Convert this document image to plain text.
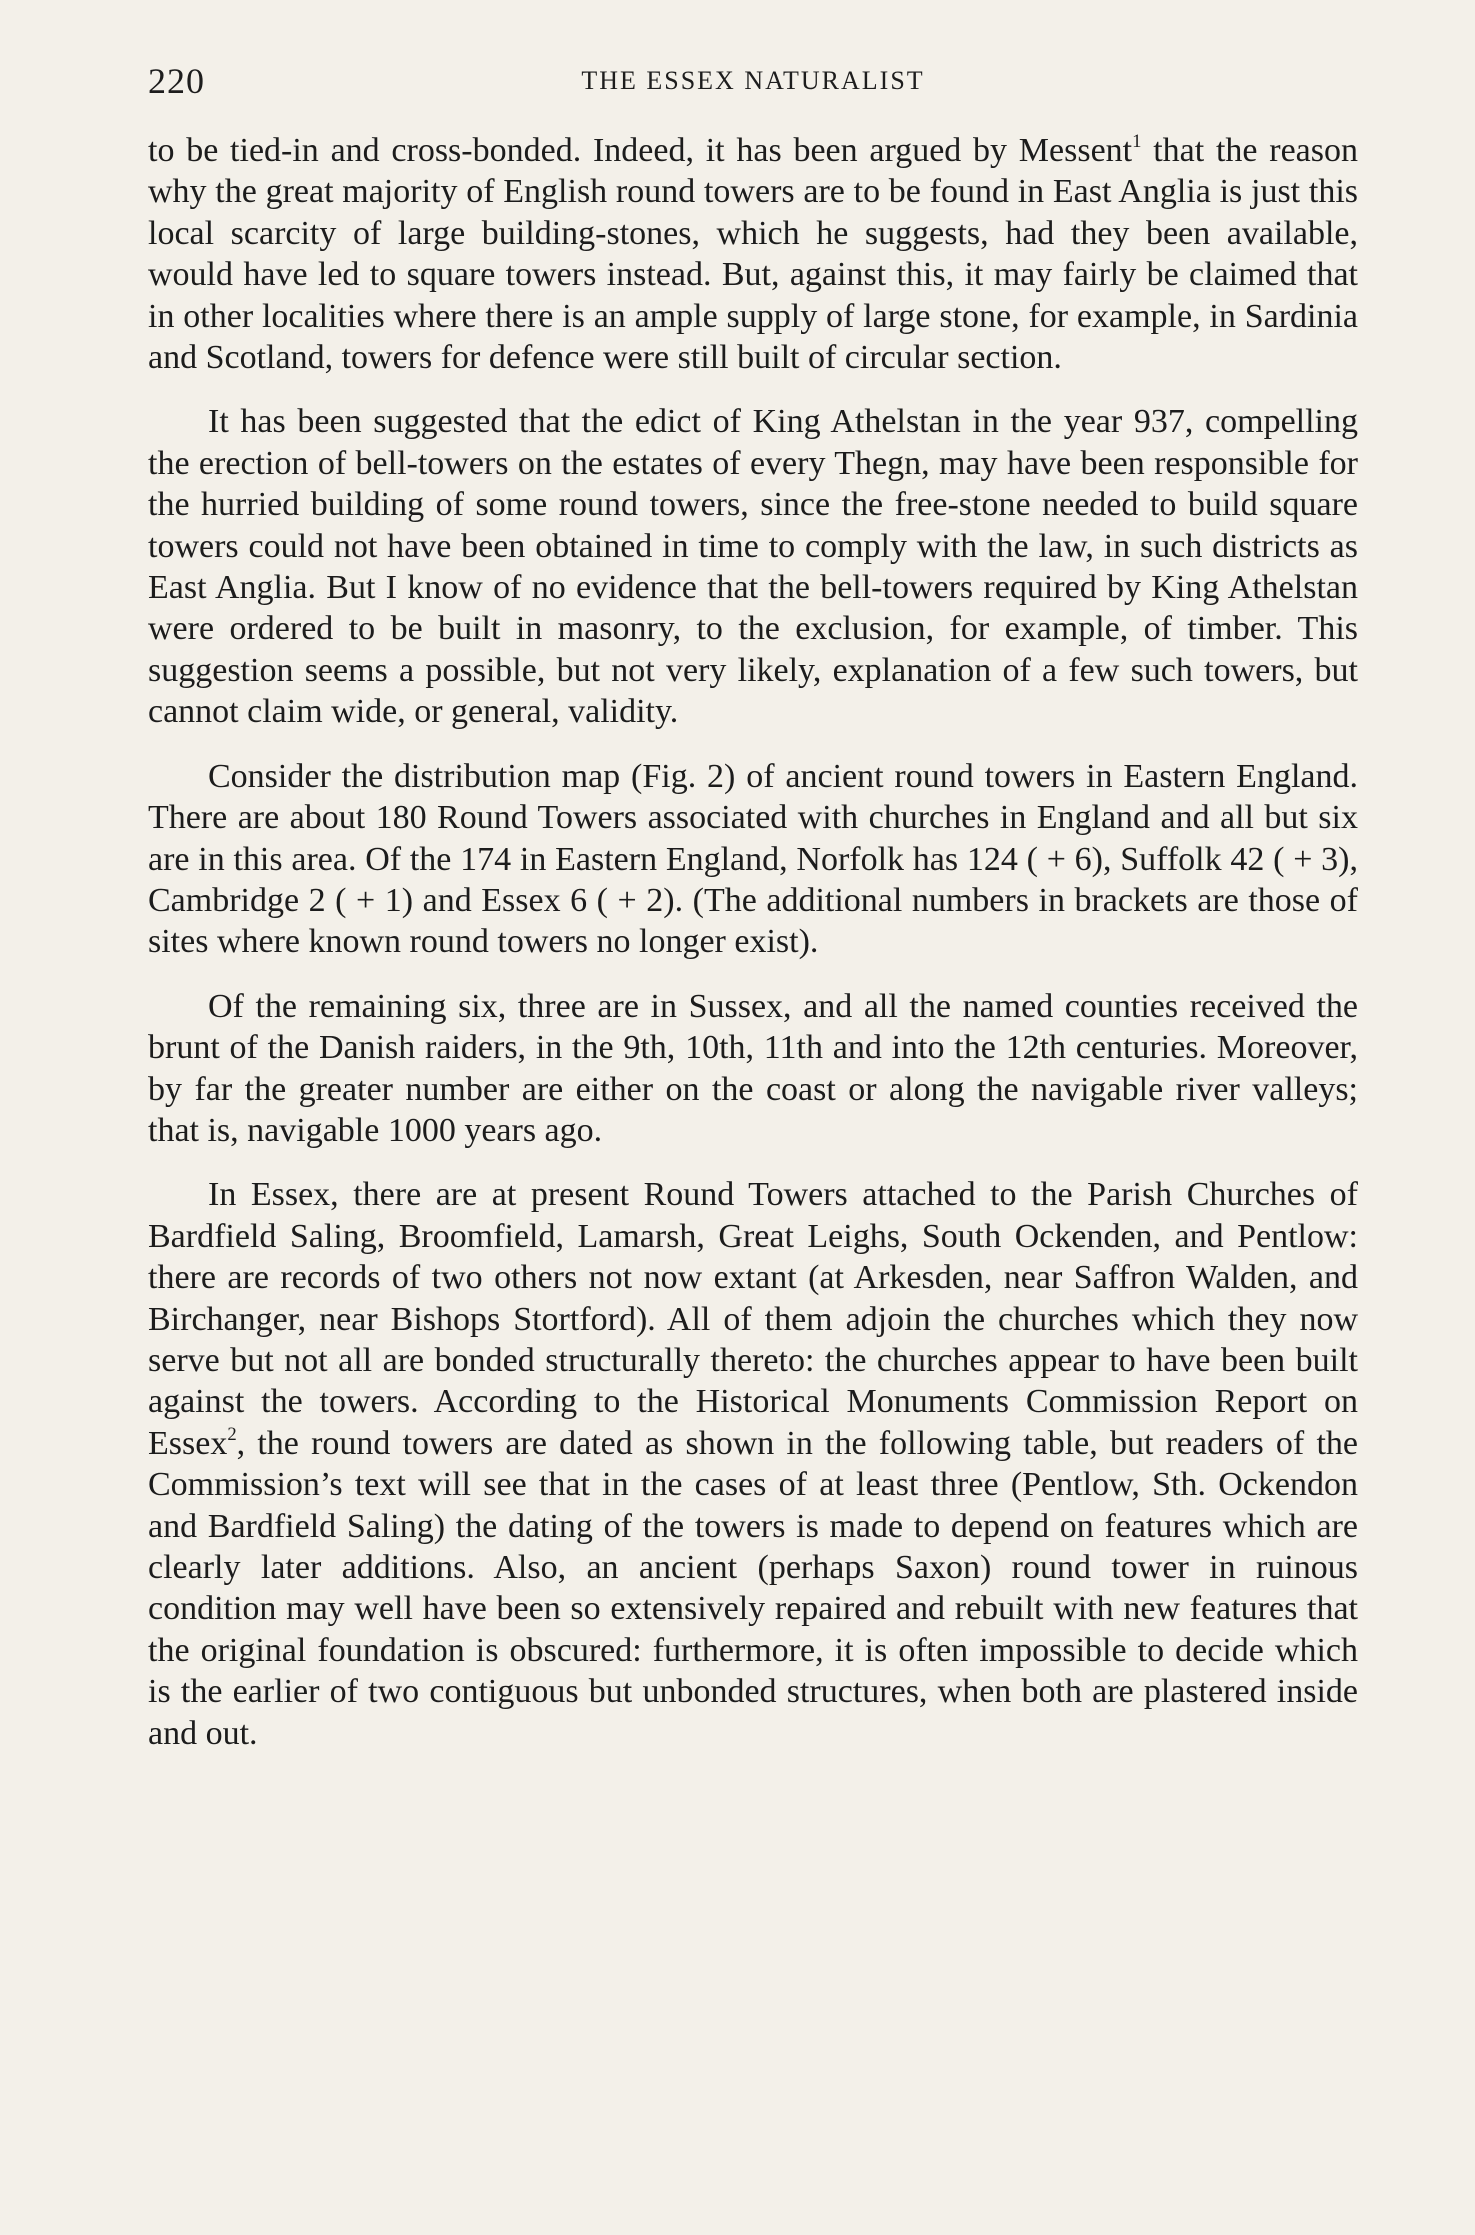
220	THE ESSEX NATURALIST

to be tied-in and cross-bonded. Indeed, it has been argued by Messent$^1$ that the reason why the great majority of English round towers are to be found in East Anglia is just this local scarcity of large building-stones, which he suggests, had they been available, would have led to square towers instead. But, against this, it may fairly be claimed that in other localities where there is an ample supply of large stone, for example, in Sardinia and Scotland, towers for defence were still built of circular section.

It has been suggested that the edict of King Athelstan in the year 937, compelling the erection of bell-towers on the estates of every Thegn, may have been responsible for the hurried building of some round towers, since the free-stone needed to build square towers could not have been obtained in time to comply with the law, in such districts as East Anglia. But I know of no evidence that the bell-towers required by King Athelstan were ordered to be built in masonry, to the exclusion, for example, of timber. This suggestion seems a possible, but not very likely, explanation of a few such towers, but cannot claim wide, or general, validity.

Consider the distribution map (Fig. 2) of ancient round towers in Eastern England. There are about 180 Round Towers associated with churches in England and all but six are in this area. Of the 174 in Eastern England, Norfolk has 124 ( + 6), Suffolk 42 ( + 3), Cambridge 2 ( + 1) and Essex 6 ( + 2). (The additional numbers in brackets are those of sites where known round towers no longer exist).

Of the remaining six, three are in Sussex, and all the named counties received the brunt of the Danish raiders, in the 9th, 10th, 11th and into the 12th centuries. Moreover, by far the greater number are either on the coast or along the navigable river valleys; that is, navigable 1000 years ago.

In Essex, there are at present Round Towers attached to the Parish Churches of Bardfield Saling, Broomfield, Lamarsh, Great Leighs, South Ockenden, and Pentlow: there are records of two others not now extant (at Arkesden, near Saffron Walden, and Birchanger, near Bishops Stortford). All of them adjoin the churches which they now serve but not all are bonded structurally thereto: the churches appear to have been built against the towers. According to the Historical Monuments Commission Report on Essex$^2$, the round towers are dated as shown in the following table, but readers of the Commission’s text will see that in the cases of at least three (Pentlow, Sth. Ockendon and Bardfield Saling) the dating of the towers is made to depend on features which are clearly later additions. Also, an ancient (perhaps Saxon) round tower in ruinous condition may well have been so extensively repaired and rebuilt with new features that the original foundation is obscured: furthermore, it is often impossible to decide which is the earlier of two contiguous but unbonded structures, when both are plastered inside and out.
